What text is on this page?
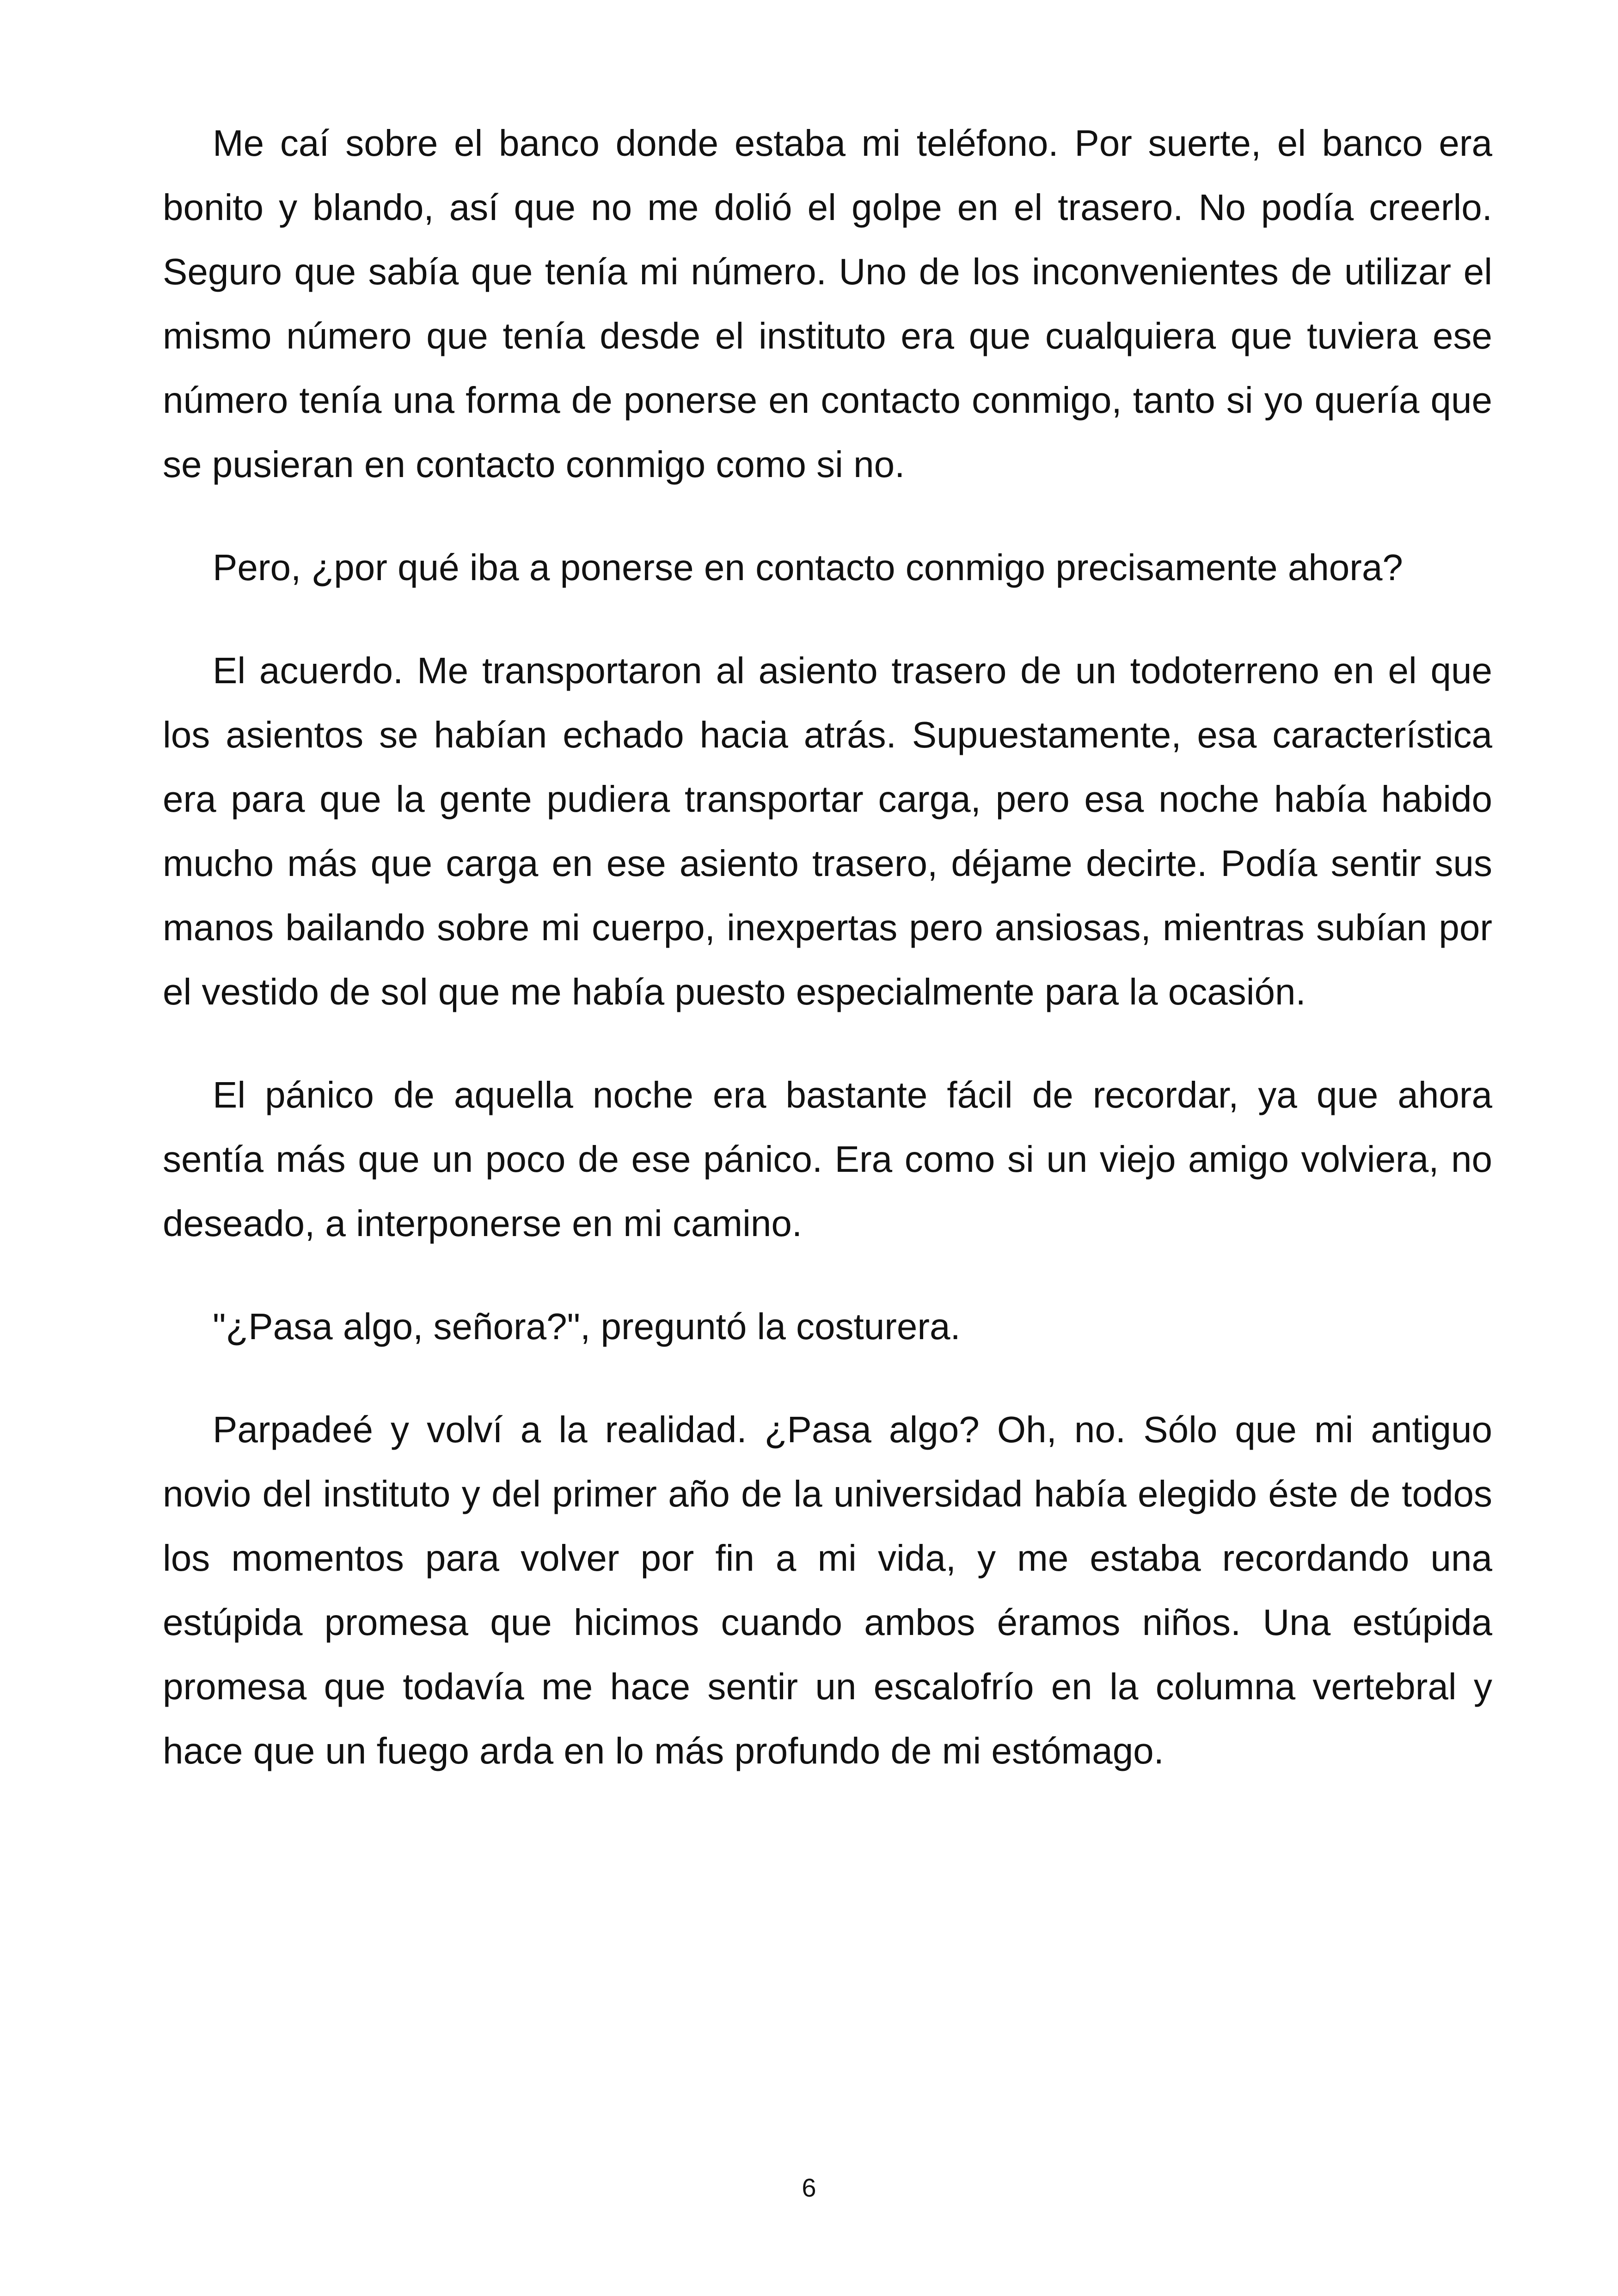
Me caí sobre el banco donde estaba mi teléfono. Por suerte, el banco era bonito y blando, así que no me dolió el golpe en el trasero. No podía creerlo. Seguro que sabía que tenía mi número. Uno de los inconvenientes de utilizar el mismo número que tenía desde el instituto era que cualquiera que tuviera ese número tenía una forma de ponerse en contacto conmigo, tanto si yo quería que se pusieran en contacto conmigo como si no.

Pero, ¿por qué iba a ponerse en contacto conmigo precisamente ahora?

El acuerdo. Me transportaron al asiento trasero de un todoterreno en el que los asientos se habían echado hacia atrás. Supuestamente, esa característica era para que la gente pudiera transportar carga, pero esa noche había habido mucho más que carga en ese asiento trasero, déjame decirte. Podía sentir sus manos bailando sobre mi cuerpo, inexpertas pero ansiosas, mientras subían por el vestido de sol que me había puesto especialmente para la ocasión.

El pánico de aquella noche era bastante fácil de recordar, ya que ahora sentía más que un poco de ese pánico. Era como si un viejo amigo volviera, no deseado, a interponerse en mi camino.

"¿Pasa algo, señora?", preguntó la costurera.

Parpadeé y volví a la realidad. ¿Pasa algo? Oh, no. Sólo que mi antiguo novio del instituto y del primer año de la universidad había elegido éste de todos los momentos para volver por fin a mi vida, y me estaba recordando una estúpida promesa que hicimos cuando ambos éramos niños. Una estúpida promesa que todavía me hace sentir un escalofrío en la columna vertebral y hace que un fuego arda en lo más profundo de mi estómago.

6
